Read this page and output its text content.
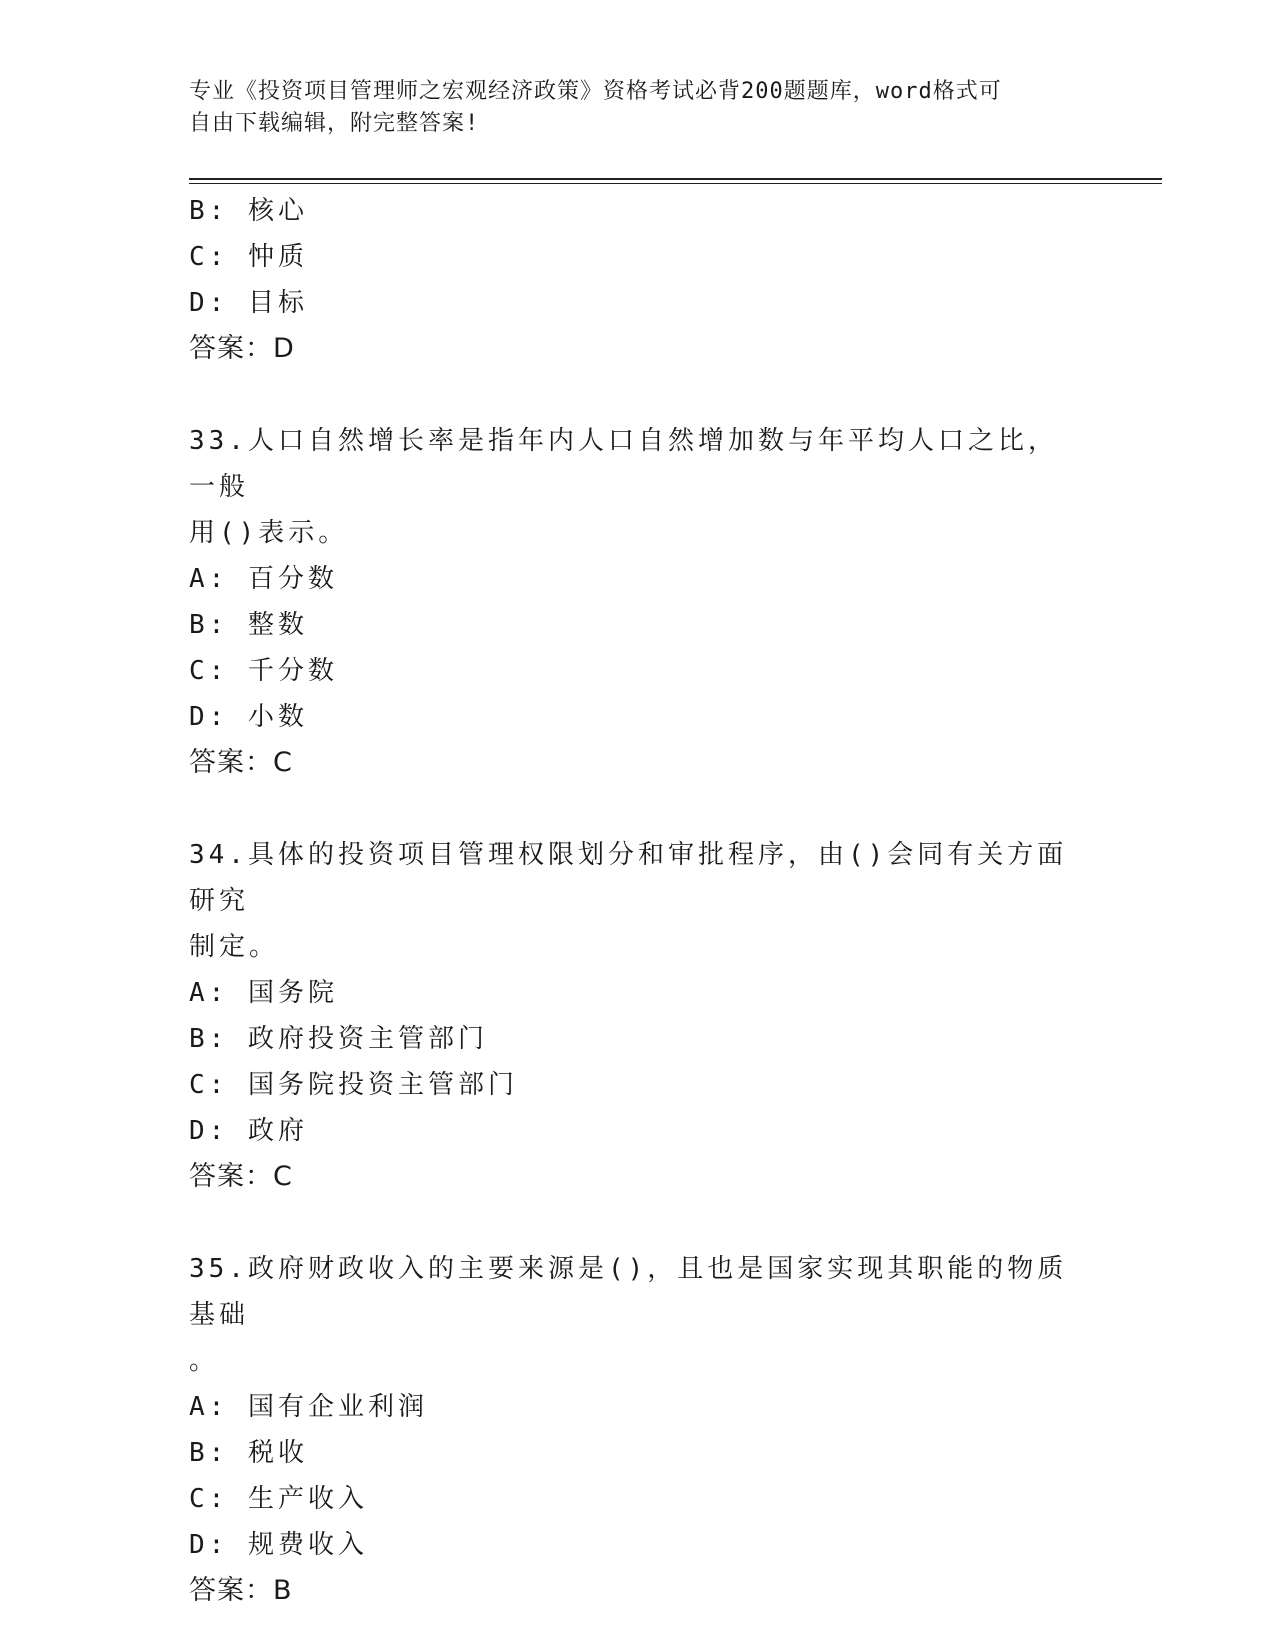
专业《投资项目管理师之宏观经济政策》资格考试必背200题题库，word格式可
自由下载编辑，附完整答案!
B: 核心
C: 忡质
D: 目标
答案：D
33.人口自然增长率是指年内人口自然增加数与年平均人口之比，一般
用()表示。
A: 百分数
B: 整数
C: 千分数
D: 小数
答案：C
34.具体的投资项目管理权限划分和审批程序，由()会同有关方面研究
制定。
A: 国务院
B: 政府投资主管部门
C: 国务院投资主管部门
D: 政府
答案：C
35.政府财政收入的主要来源是()，且也是国家实现其职能的物质基础
。
A: 国有企业利润
B: 税收
C: 生产收入
D: 规费收入
答案：B
